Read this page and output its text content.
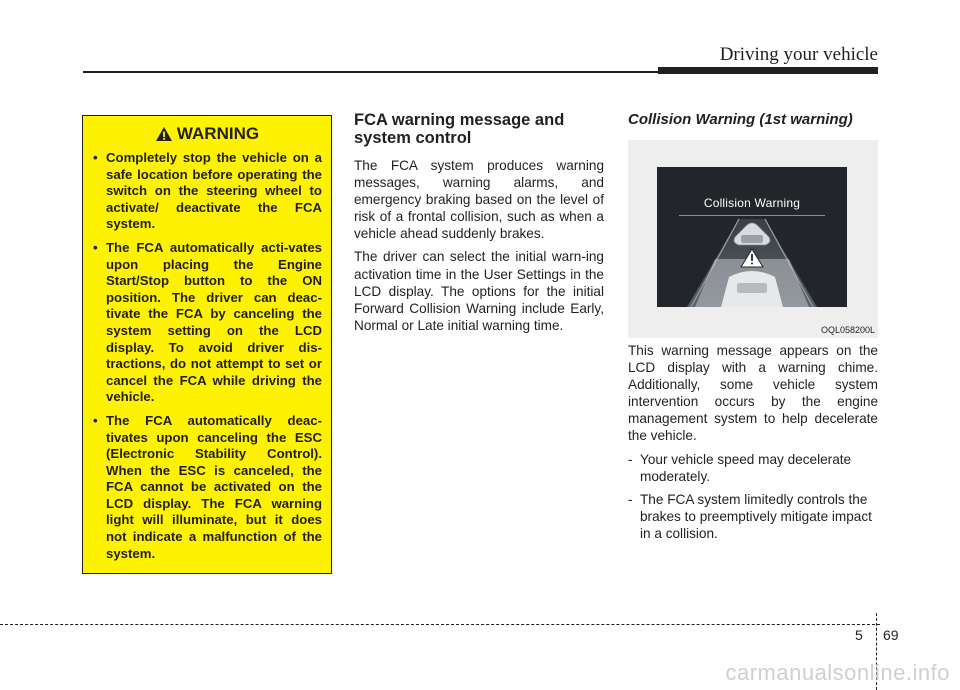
Driving your vehicle
WARNING
• Completely stop the vehicle on a safe location before operating the switch on the steering wheel to activate/ deactivate the FCA system.
• The FCA automatically acti-vates upon placing the Engine Start/Stop button to the ON position. The driver can deac-tivate the FCA by canceling the system setting on the LCD display. To avoid driver dis-tractions, do not attempt to set or cancel the FCA while driving the vehicle.
• The FCA automatically deac-tivates upon canceling the ESC (Electronic Stability Control). When the ESC is canceled, the FCA cannot be activated on the LCD display. The FCA warning light will illuminate, but it does not indicate a malfunction of the system.
FCA warning message and system control

The FCA system produces warning messages, warning alarms, and emergency braking based on the level of risk of a frontal collision, such as when a vehicle ahead suddenly brakes.

The driver can select the initial warn-ing activation time in the User Settings in the LCD display. The options for the initial Forward Collision Warning include Early, Normal or Late initial warning time.

Collision Warning (1st warning)
Collision Warning
OQL058200L

This warning message appears on the LCD display with a warning chime. Additionally, some vehicle system intervention occurs by the engine management system to help decelerate the vehicle.

- Your vehicle speed may decelerate moderately.
- The FCA system limitedly controls the brakes to preemptively mitigate impact in a collision.
5 69
carmanualsonline.info
